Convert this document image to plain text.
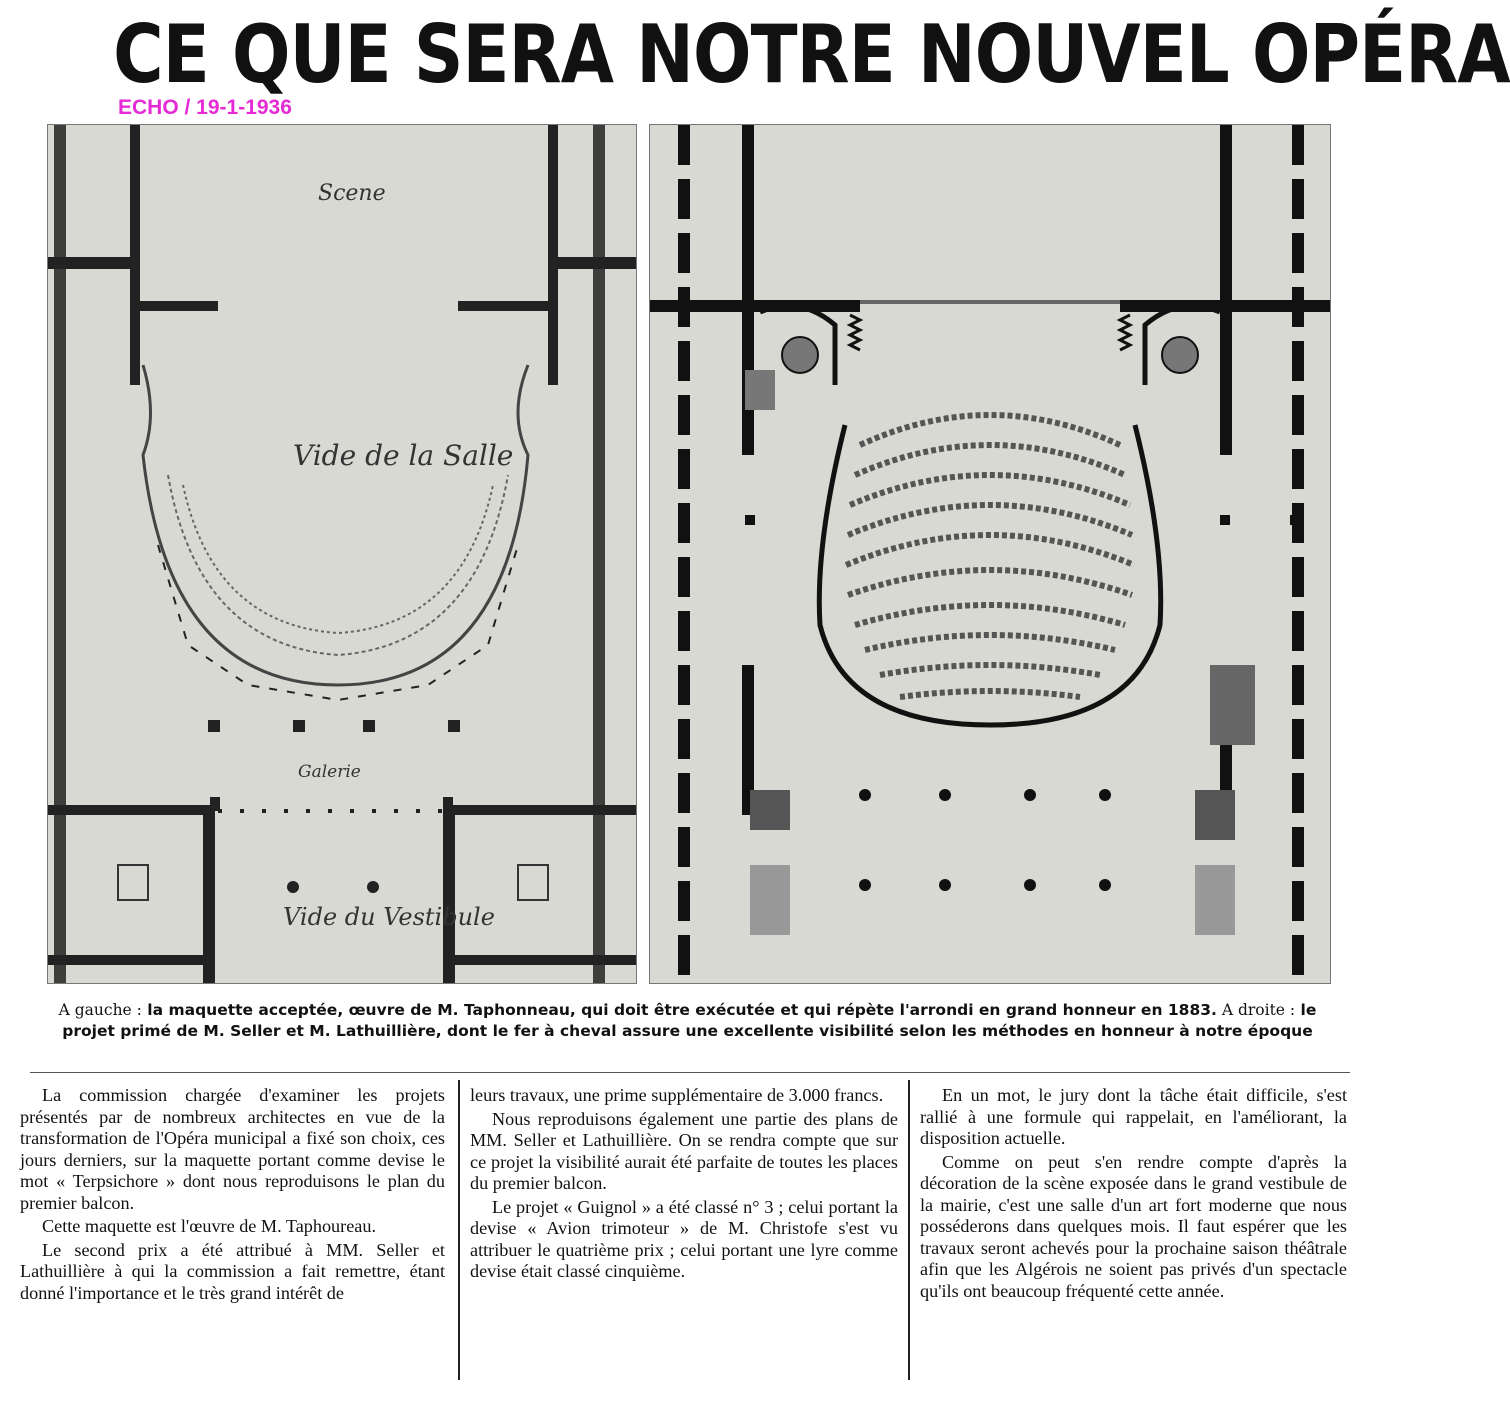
CE QUE SERA NOTRE NOUVEL OPÉRA
ECHO / 19-1-1936
Scene
Vide de la Salle
Galerie
Vide du Vestibule
A gauche : la maquette acceptée, œuvre de M. Taphonneau, qui doit être exécutée et qui répète l'arrondi en grand honneur en 1883. A droite : le projet primé de M. Seller et M. Lathuillière, dont le fer à cheval assure une excellente visibilité selon les méthodes en honneur à notre époque

La commission chargée d'examiner les projets présentés par de nombreux architectes en vue de la transformation de l'Opéra municipal a fixé son choix, ces jours derniers, sur la maquette portant comme devise le mot « Terpsichore » dont nous reproduisons le plan du premier balcon.

Cette maquette est l'œuvre de M. Taphoureau.

Le second prix a été attribué à MM. Seller et Lathuillière à qui la commission a fait remettre, étant donné l'importance et le très grand intérêt de

leurs travaux, une prime supplémentaire de 3.000 francs.

Nous reproduisons également une partie des plans de MM. Seller et Lathuillière. On se rendra compte que sur ce projet la visibilité aurait été parfaite de toutes les places du premier balcon.

Le projet « Guignol » a été classé n° 3 ; celui portant la devise « Avion trimoteur » de M. Christofe s'est vu attribuer le quatrième prix ; celui portant une lyre comme devise était classé cinquième.

En un mot, le jury dont la tâche était difficile, s'est rallié à une formule qui rappelait, en l'améliorant, la disposition actuelle.

Comme on peut s'en rendre compte d'après la décoration de la scène exposée dans le grand vestibule de la mairie, c'est une salle d'un art fort moderne que nous posséderons dans quelques mois. Il faut espérer que les travaux seront achevés pour la prochaine saison théâtrale afin que les Algérois ne soient pas privés d'un spectacle qu'ils ont beaucoup fréquenté cette année.
